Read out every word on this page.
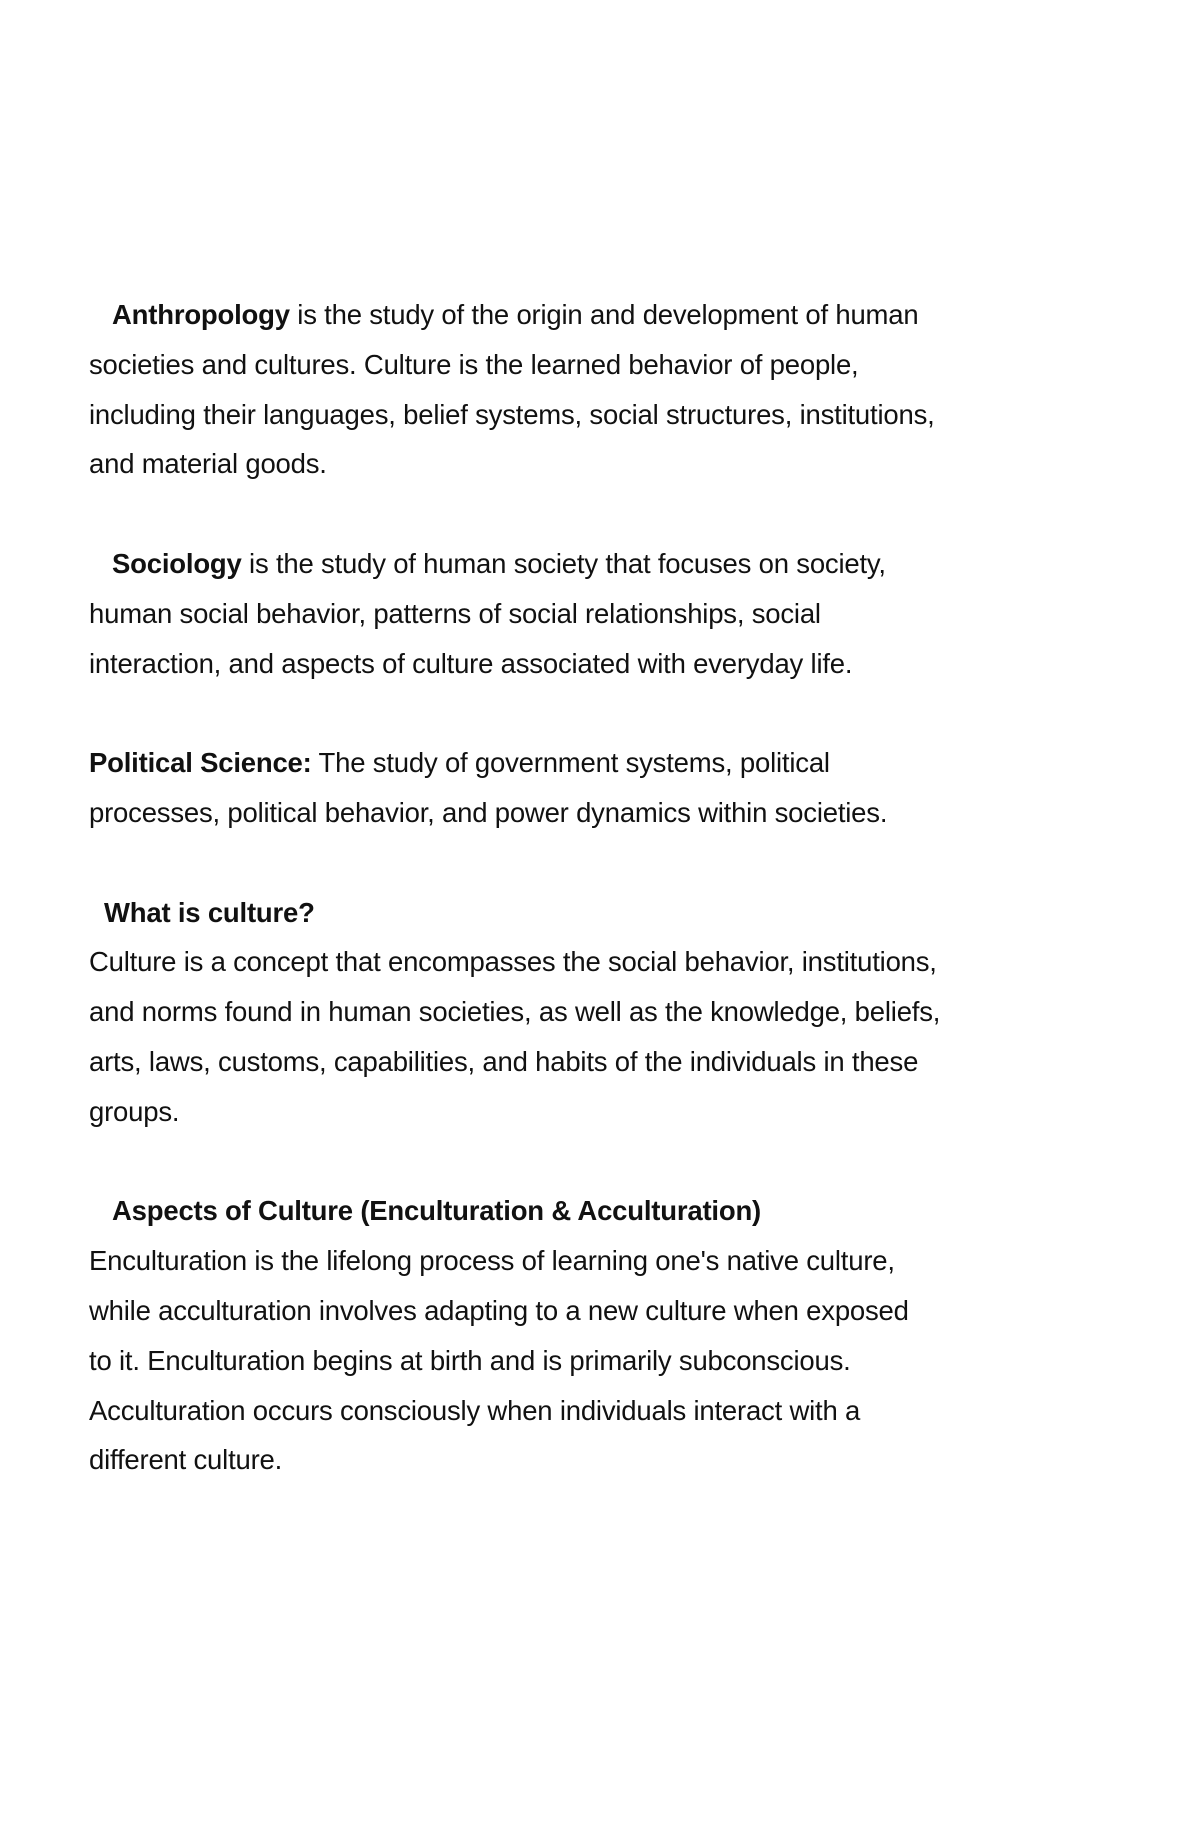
Anthropology is the study of the origin and development of human
societies and cultures. Culture is the learned behavior of people,
including their languages, belief systems, social structures, institutions,
and material goods.
Sociology is the study of human society that focuses on society,
human social behavior, patterns of social relationships, social
interaction, and aspects of culture associated with everyday life.
Political Science: The study of government systems, political
processes, political behavior, and power dynamics within societies.
What is culture?
Culture is a concept that encompasses the social behavior, institutions,
and norms found in human societies, as well as the knowledge, beliefs,
arts, laws, customs, capabilities, and habits of the individuals in these
groups.
Aspects of Culture (Enculturation & Acculturation)
Enculturation is the lifelong process of learning one's native culture,
while acculturation involves adapting to a new culture when exposed
to it. Enculturation begins at birth and is primarily subconscious.
Acculturation occurs consciously when individuals interact with a
different culture.
